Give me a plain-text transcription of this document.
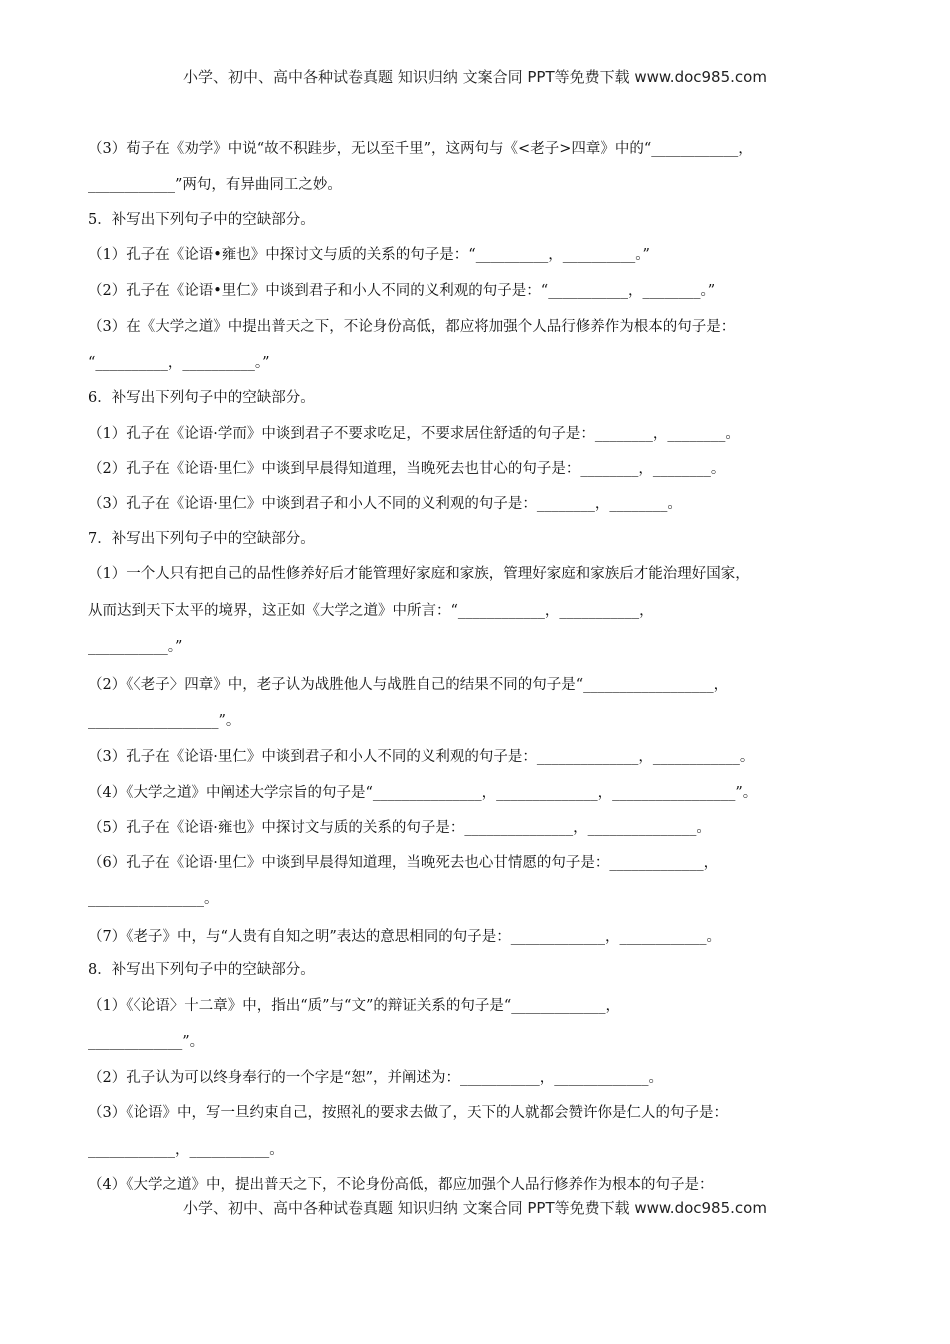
小学、初中、高中各种试卷真题 知识归纳 文案合同 PPT等免费下载 www.doc985.com
（3）荀子在《劝学》中说“故不积跬步，无以至千里”，这两句与《<老子>四章》中的“____________，
____________”两句，有异曲同工之妙。
5．补写出下列句子中的空缺部分。
（1）孔子在《论语•雍也》中探讨文与质的关系的句子是：“__________，__________。”
（2）孔子在《论语•里仁》中谈到君子和小人不同的义利观的句子是：“___________，________。”
（3）在《大学之道》中提出普天之下，不论身份高低，都应将加强个人品行修养作为根本的句子是：
“__________，__________。”
6．补写出下列句子中的空缺部分。
（1）孔子在《论语·学而》中谈到君子不要求吃足，不要求居住舒适的句子是：________，________。
（2）孔子在《论语·里仁》中谈到早晨得知道理，当晚死去也甘心的句子是：________，________。
（3）孔子在《论语·里仁》中谈到君子和小人不同的义利观的句子是：________，________。
7．补写出下列句子中的空缺部分。
（1）一个人只有把自己的品性修养好后才能管理好家庭和家族，管理好家庭和家族后才能治理好国家，
从而达到天下太平的境界，这正如《大学之道》中所言：“____________，___________，
___________。”
（2）《〈老子〉四章》中，老子认为战胜他人与战胜自己的结果不同的句子是“__________________，
__________________”。
（3）孔子在《论语·里仁》中谈到君子和小人不同的义利观的句子是：______________，____________。
（4）《大学之道》中阐述大学宗旨的句子是“_______________，______________，_________________”。
（5）孔子在《论语·雍也》中探讨文与质的关系的句子是：_______________，_______________。
（6）孔子在《论语·里仁》中谈到早晨得知道理，当晚死去也心甘情愿的句子是：_____________，
________________。
（7）《老子》中，与“人贵有自知之明”表达的意思相同的句子是：_____________，____________。
8．补写出下列句子中的空缺部分。
（1）《〈论语〉十二章》中，指出“质”与“文”的辩证关系的句子是“_____________，
_____________”。
（2）孔子认为可以终身奉行的一个字是“恕”，并阐述为：___________，_____________。
（3）《论语》中，写一旦约束自己，按照礼的要求去做了，天下的人就都会赞许你是仁人的句子是：
____________，___________。
（4）《大学之道》中，提出普天之下，不论身份高低，都应加强个人品行修养作为根本的句子是：
小学、初中、高中各种试卷真题 知识归纳 文案合同 PPT等免费下载 www.doc985.com
